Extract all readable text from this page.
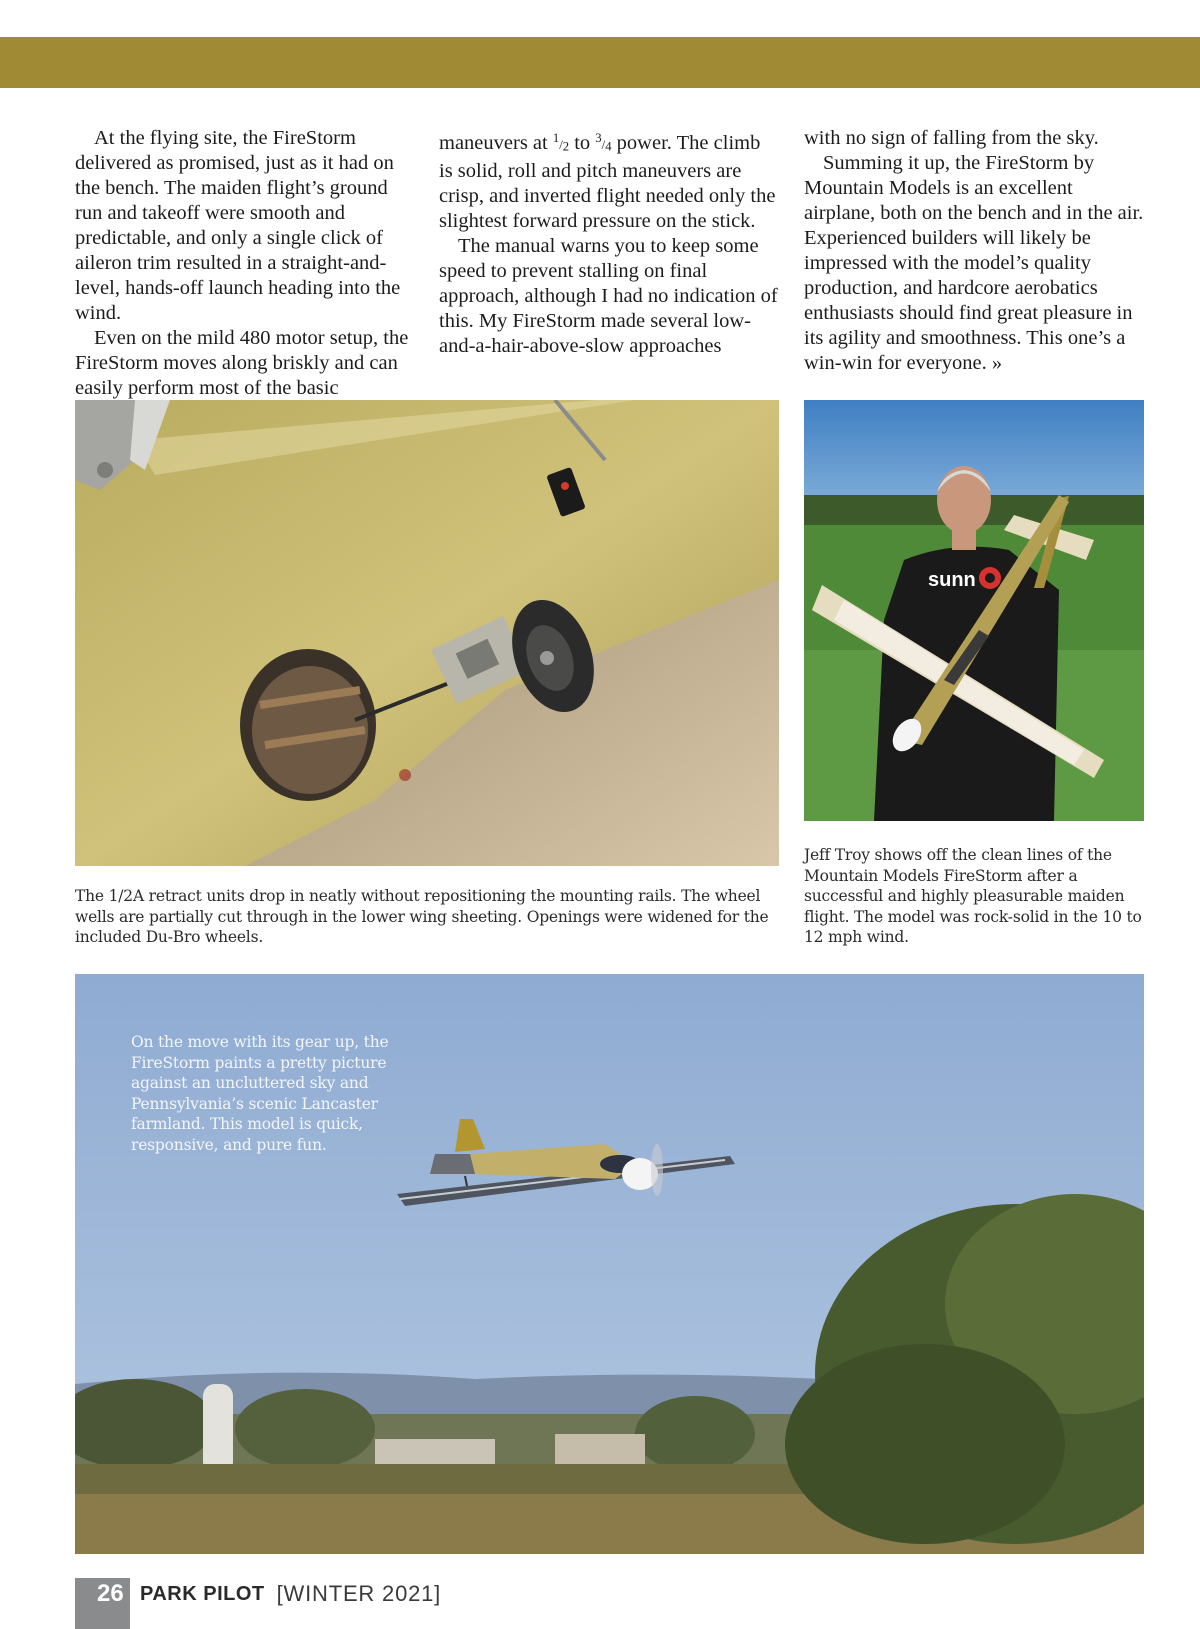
At the flying site, the FireStorm delivered as promised, just as it had on the bench. The maiden flight’s ground run and takeoff were smooth and predictable, and only a single click of aileron trim resulted in a straight-and-level, hands-off launch heading into the wind.

Even on the mild 480 motor setup, the FireStorm moves along briskly and can easily perform most of the basic

maneuvers at $^1/_2$ to $^3/_4$ power. The climb is solid, roll and pitch maneuvers are crisp, and inverted flight needed only the slightest forward pressure on the stick.

The manual warns you to keep some speed to prevent stalling on final approach, although I had no indication of this. My FireStorm made several low-and-a-hair-above-slow approaches

with no sign of falling from the sky.

Summing it up, the FireStorm by Mountain Models is an excellent airplane, both on the bench and in the air. Experienced builders will likely be impressed with the model’s quality production, and hardcore aerobatics enthusiasts should find great pleasure in its agility and smoothness. This one’s a win-win for everyone. »

sunn
The 1/2A retract units drop in neatly without repositioning the mounting rails. The wheel wells are partially cut through in the lower wing sheeting. Openings were widened for the included Du-Bro wheels.
Jeff Troy shows off the clean lines of the Mountain Models FireStorm after a successful and highly pleasurable maiden flight. The model was rock-solid in the 10 to 12 mph wind.
On the move with its gear up, the FireStorm paints a pretty picture against an uncluttered sky and Pennsylvania’s scenic Lancaster farmland. This model is quick, responsive, and pure fun.
26 PARK PILOT [WINTER 2021]
